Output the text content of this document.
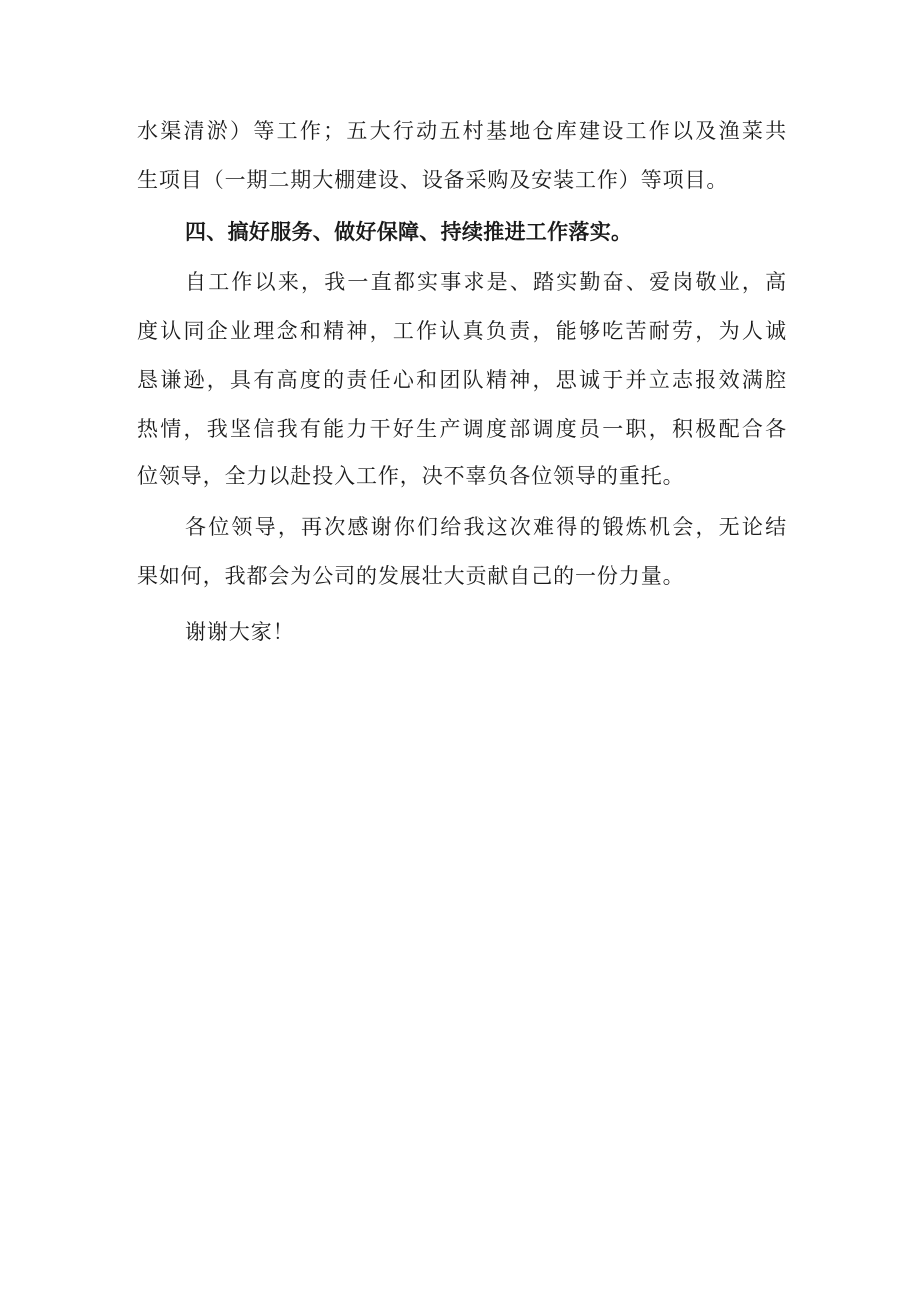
水渠清淤）等工作；五大行动五村基地仓库建设工作以及渔菜共
生项目（一期二期大棚建设、设备采购及安装工作）等项目。
四、搞好服务、做好保障、持续推进工作落实。
自工作以来，我一直都实事求是、踏实勤奋、爱岗敬业，高
度认同企业理念和精神，工作认真负责，能够吃苦耐劳，为人诚
恳谦逊，具有高度的责任心和团队精神，思诚于并立志报效满腔
热情，我坚信我有能力干好生产调度部调度员一职，积极配合各
位领导，全力以赴投入工作，决不辜负各位领导的重托。
各位领导，再次感谢你们给我这次难得的锻炼机会，无论结
果如何，我都会为公司的发展壮大贡献自己的一份力量。
谢谢大家！
